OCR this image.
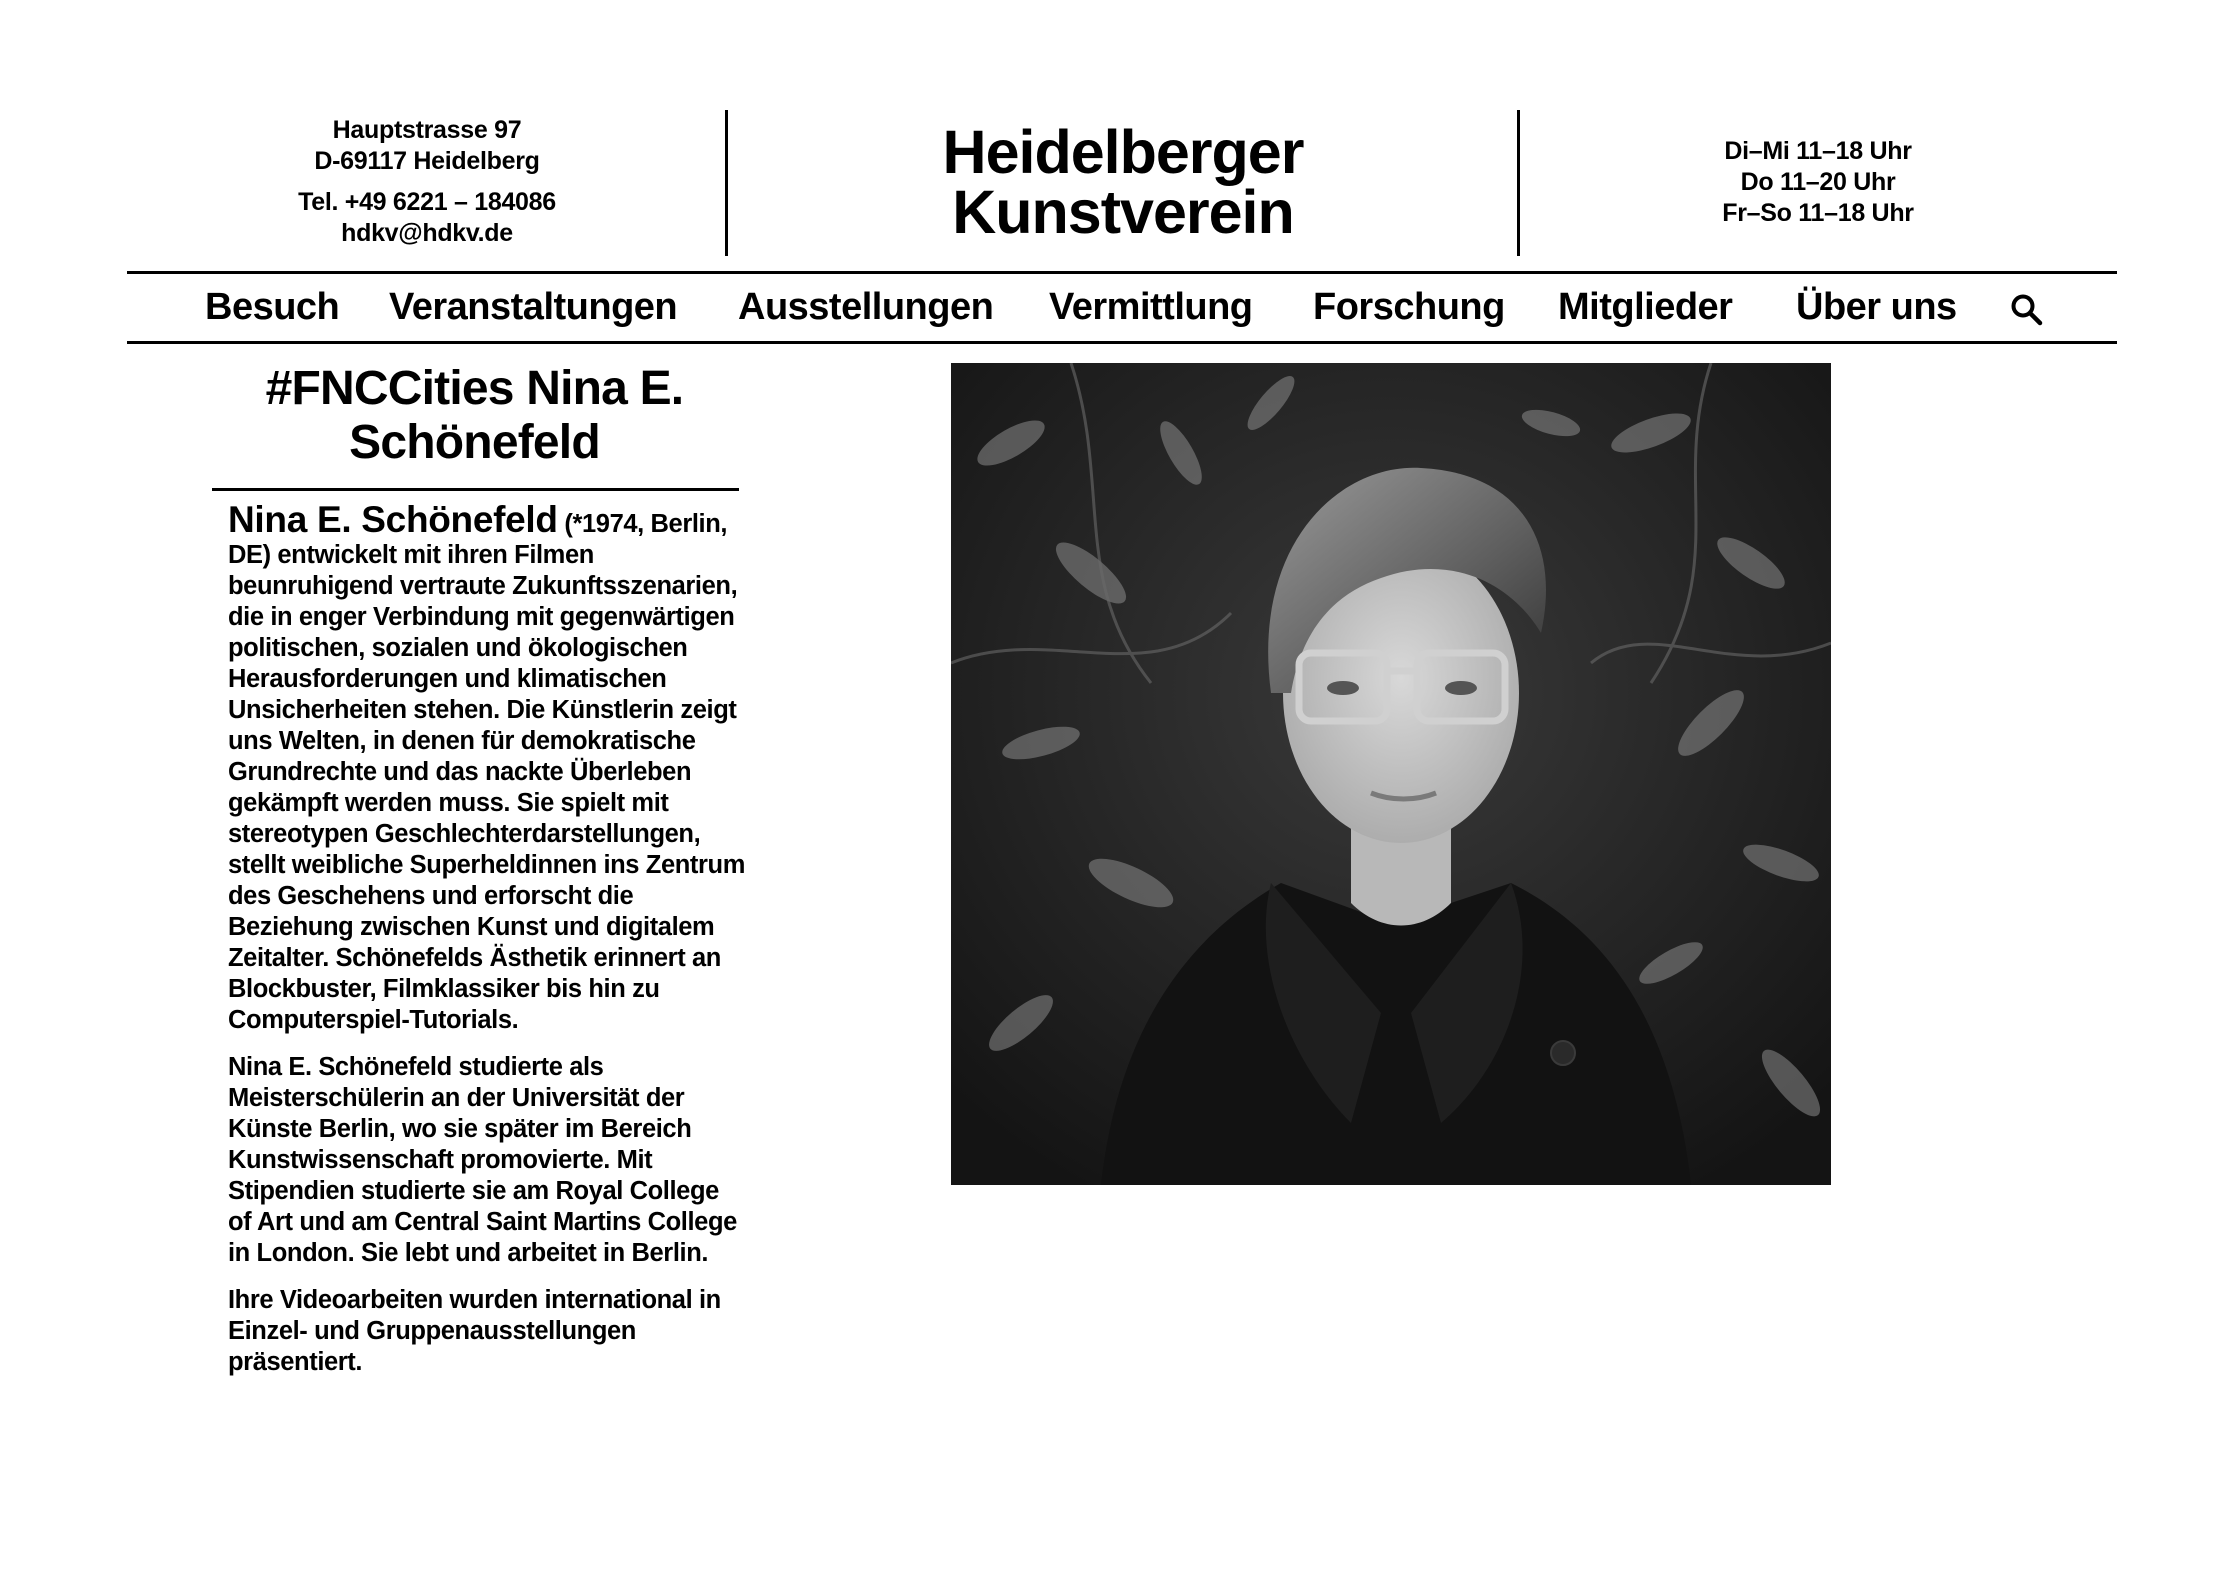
Hauptstrasse 97
D-69117 Heidelberg
Tel. +49 6221 – 184086
hdkv@hdkv.de
Heidelberger
Kunstverein
Di–Mi 11–18 Uhr
Do 11–20 Uhr
Fr–So 11–18 Uhr
Besuch Veranstaltungen Ausstellungen Vermittlung Forschung Mitglieder Über uns
#FNCCities Nina E. Schönefeld

Nina E. Schönefeld (*1974, Berlin, DE) entwickelt mit ihren Filmen beunruhigend vertraute Zukunftsszenarien, die in enger Verbindung mit gegenwärtigen politischen, sozialen und ökologischen Herausforderungen und klimatischen Unsicherheiten stehen. Die Künstlerin zeigt uns Welten, in denen für demokratische Grundrechte und das nackte Überleben gekämpft werden muss. Sie spielt mit stereotypen Geschlechterdarstellungen, stellt weibliche Superheldinnen ins Zentrum des Geschehens und erforscht die Beziehung zwischen Kunst und digitalem Zeitalter. Schönefelds Ästhetik erinnert an Blockbuster, Filmklassiker bis hin zu Computerspiel-Tutorials.

Nina E. Schönefeld studierte als Meisterschülerin an der Universität der Künste Berlin, wo sie später im Bereich Kunstwissenschaft promovierte. Mit Stipendien studierte sie am Royal College of Art und am Central Saint Martins College in London. Sie lebt und arbeitet in Berlin.

Ihre Videoarbeiten wurden international in Einzel- und Gruppenausstellungen präsentiert.
